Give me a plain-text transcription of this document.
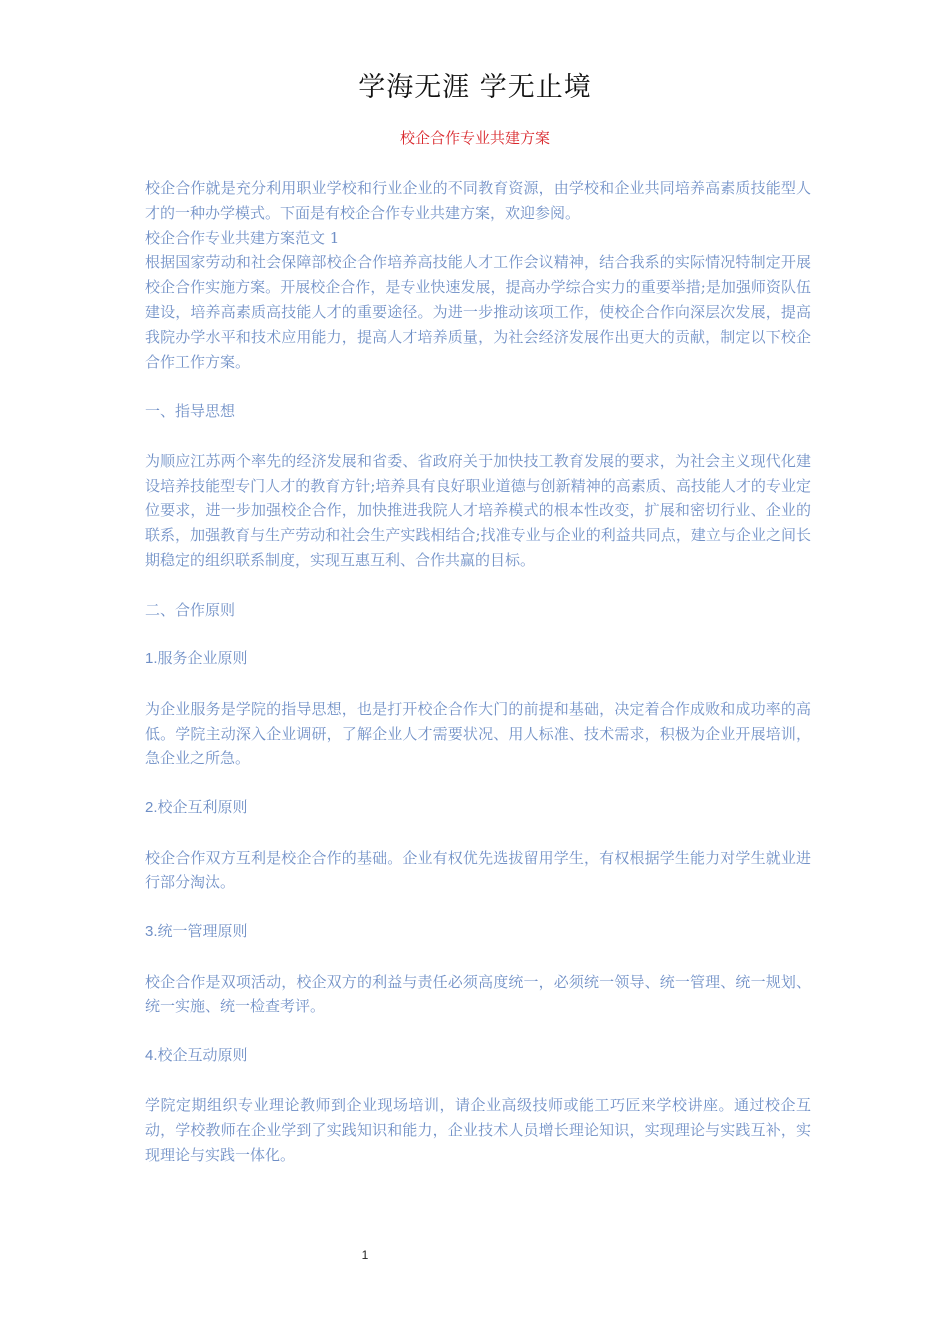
学海无涯 学无止境
校企合作专业共建方案

校企合作就是充分利用职业学校和行业企业的不同教育资源，由学校和企业共同培养高素质技能型人才的一种办学模式。下面是有校企合作专业共建方案，欢迎参阅。

校企合作专业共建方案范文 1

根据国家劳动和社会保障部校企合作培养高技能人才工作会议精神，结合我系的实际情况特制定开展校企合作实施方案。开展校企合作，是专业快速发展，提高办学综合实力的重要举措;是加强师资队伍建设，培养高素质高技能人才的重要途径。为进一步推动该项工作，使校企合作向深层次发展，提高我院办学水平和技术应用能力，提高人才培养质量，为社会经济发展作出更大的贡献，制定以下校企合作工作方案。

一、指导思想

为顺应江苏两个率先的经济发展和省委、省政府关于加快技工教育发展的要求，为社会主义现代化建设培养技能型专门人才的教育方针;培养具有良好职业道德与创新精神的高素质、高技能人才的专业定位要求，进一步加强校企合作，加快推进我院人才培养模式的根本性改变，扩展和密切行业、企业的联系，加强教育与生产劳动和社会生产实践相结合;找准专业与企业的利益共同点，建立与企业之间长期稳定的组织联系制度，实现互惠互利、合作共赢的目标。

二、合作原则

1.服务企业原则

为企业服务是学院的指导思想，也是打开校企合作大门的前提和基础，决定着合作成败和成功率的高低。学院主动深入企业调研，了解企业人才需要状况、用人标准、技术需求，积极为企业开展培训，急企业之所急。

2.校企互利原则

校企合作双方互利是校企合作的基础。企业有权优先选拔留用学生，有权根据学生能力对学生就业进行部分淘汰。

3.统一管理原则

校企合作是双项活动，校企双方的利益与责任必须高度统一，必须统一领导、统一管理、统一规划、统一实施、统一检查考评。

4.校企互动原则

学院定期组织专业理论教师到企业现场培训，请企业高级技师或能工巧匠来学校讲座。通过校企互动，学校教师在企业学到了实践知识和能力，企业技术人员增长理论知识，实现理论与实践互补，实现理论与实践一体化。

1
